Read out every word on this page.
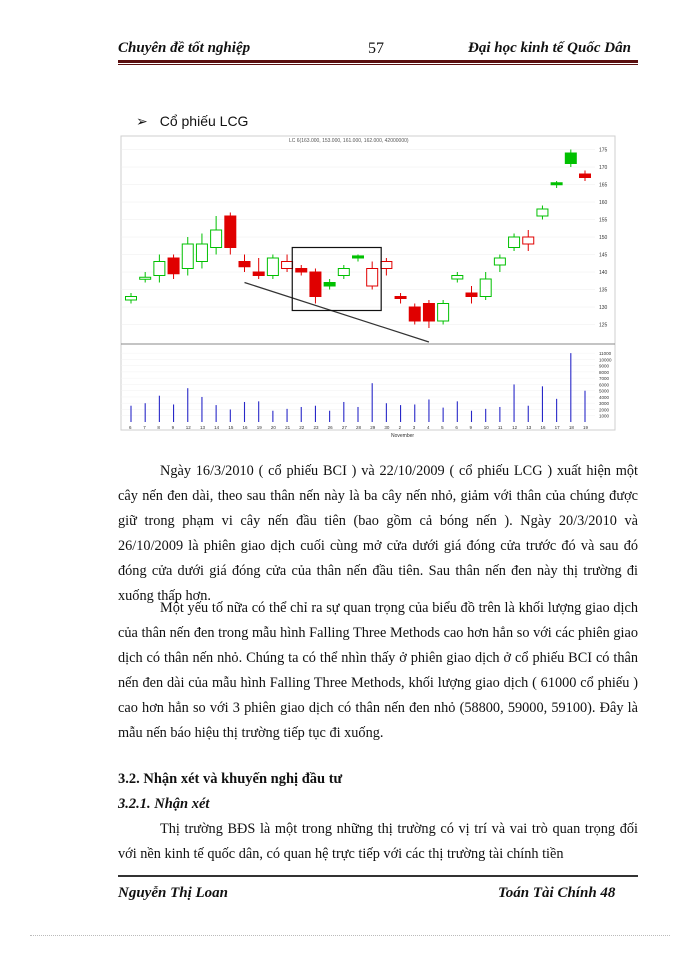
Chuyên đề tốt nghiệp	57	Đại học kinh tế Quốc Dân
➢ Cổ phiếu LCG
LC 6(163.000, 153.000, 161.000, 162.000, 42000000)
175
170
165
160
155
150
145
140
135
130
125
11000
10000
9000
8000
7000
6000
5000
4000
3000
2000
1000
6	7	8	9	12 13 14 15 16 19 20 21 22 23 26 27 28 29 30 2	3	4	5	6	9	10 11 12 13 16 17 18 19
November
Ngày 16/3/2010 ( cổ phiếu BCI ) và 22/10/2009 ( cổ phiếu LCG ) xuất hiện một cây nến đen dài, theo sau thân nến này là ba cây nến nhỏ, giảm với thân của chúng được giữ trong phạm vi cây nến đầu tiên (bao gồm cả bóng nến ). Ngày 20/3/2010 và 26/10/2009 là phiên giao dịch cuối cùng mở cửa dưới giá đóng cửa trước đó và sau đó đóng cửa dưới giá đóng cửa của thân nến đầu tiên. Sau thân nến đen này thị trường đi xuống thấp hơn.
Một yếu tố nữa có thể chỉ ra sự quan trọng của biểu đồ trên là khối lượng giao dịch của thân nến đen trong mẫu hình Falling Three Methods cao hơn hẳn so với các phiên giao dịch có thân nến nhỏ. Chúng ta có thể nhìn thấy ở phiên giao dịch ở cổ phiếu BCI có thân nến đen dài của mẫu hình Falling Three Methods, khối lượng giao dịch ( 61000 cổ phiếu ) cao hơn hẳn so với 3 phiên giao dịch có thân nến đen nhỏ (58800, 59000, 59100). Đây là mẫu nến báo hiệu thị trường tiếp tục đi xuống.
3.2. Nhận xét và khuyến nghị đầu tư
3.2.1. Nhận xét
Thị trường BĐS là một trong những thị trường có vị trí và vai trò quan trọng đối với nền kinh tế quốc dân, có quan hệ trực tiếp với các thị trường tài chính tiền
Nguyễn Thị Loan	Toán Tài Chính 48
